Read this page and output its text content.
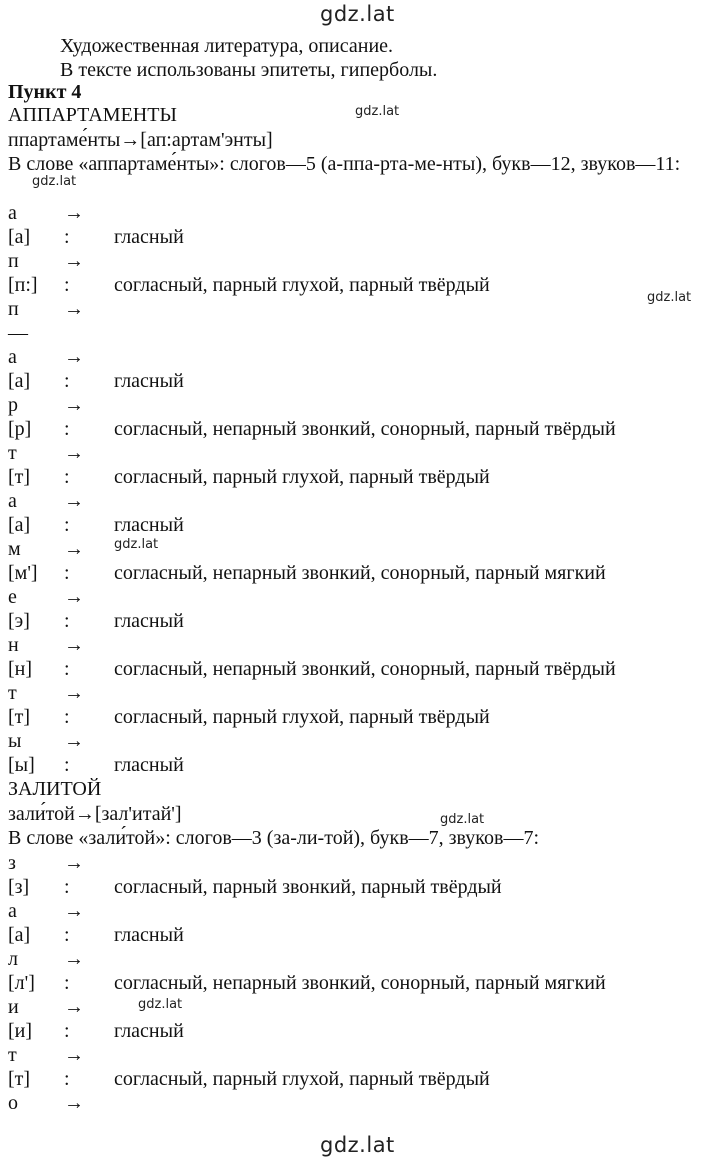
gdz.lat
gdz.lat
gdz.lat
gdz.lat
gdz.lat
gdz.lat
gdz.lat
gdz.lat
Художественная литература, описание.
В тексте использованы эпитеты, гиперболы.
Пункт 4
АППАРТАМЕНТЫ
ппартаме́нты→[ап:артам'энты]
В слове «аппартаме́нты»: слогов—5 (а-ппа-рта-ме-нты), букв—12, звуков—11:
а →
[а] : гласный
п →
[п:] : согласный, парный глухой, парный твёрдый
п →
—
а →
[а] : гласный
р →
[р] : согласный, непарный звонкий, сонорный, парный твёрдый
т →
[т] : согласный, парный глухой, парный твёрдый
а →
[а] : гласный
м →
[м'] : согласный, непарный звонкий, сонорный, парный мягкий
е →
[э] : гласный
н →
[н] : согласный, непарный звонкий, сонорный, парный твёрдый
т →
[т] : согласный, парный глухой, парный твёрдый
ы →
[ы] : гласный
ЗАЛИТОЙ
зали́той→[зал'итай']
В слове «зали́той»: слогов—3 (за-ли-той), букв—7, звуков—7:
з →
[з] : согласный, парный звонкий, парный твёрдый
а →
[а] : гласный
л →
[л'] : согласный, непарный звонкий, сонорный, парный мягкий
и →
[и] : гласный
т →
[т] : согласный, парный глухой, парный твёрдый
о →
